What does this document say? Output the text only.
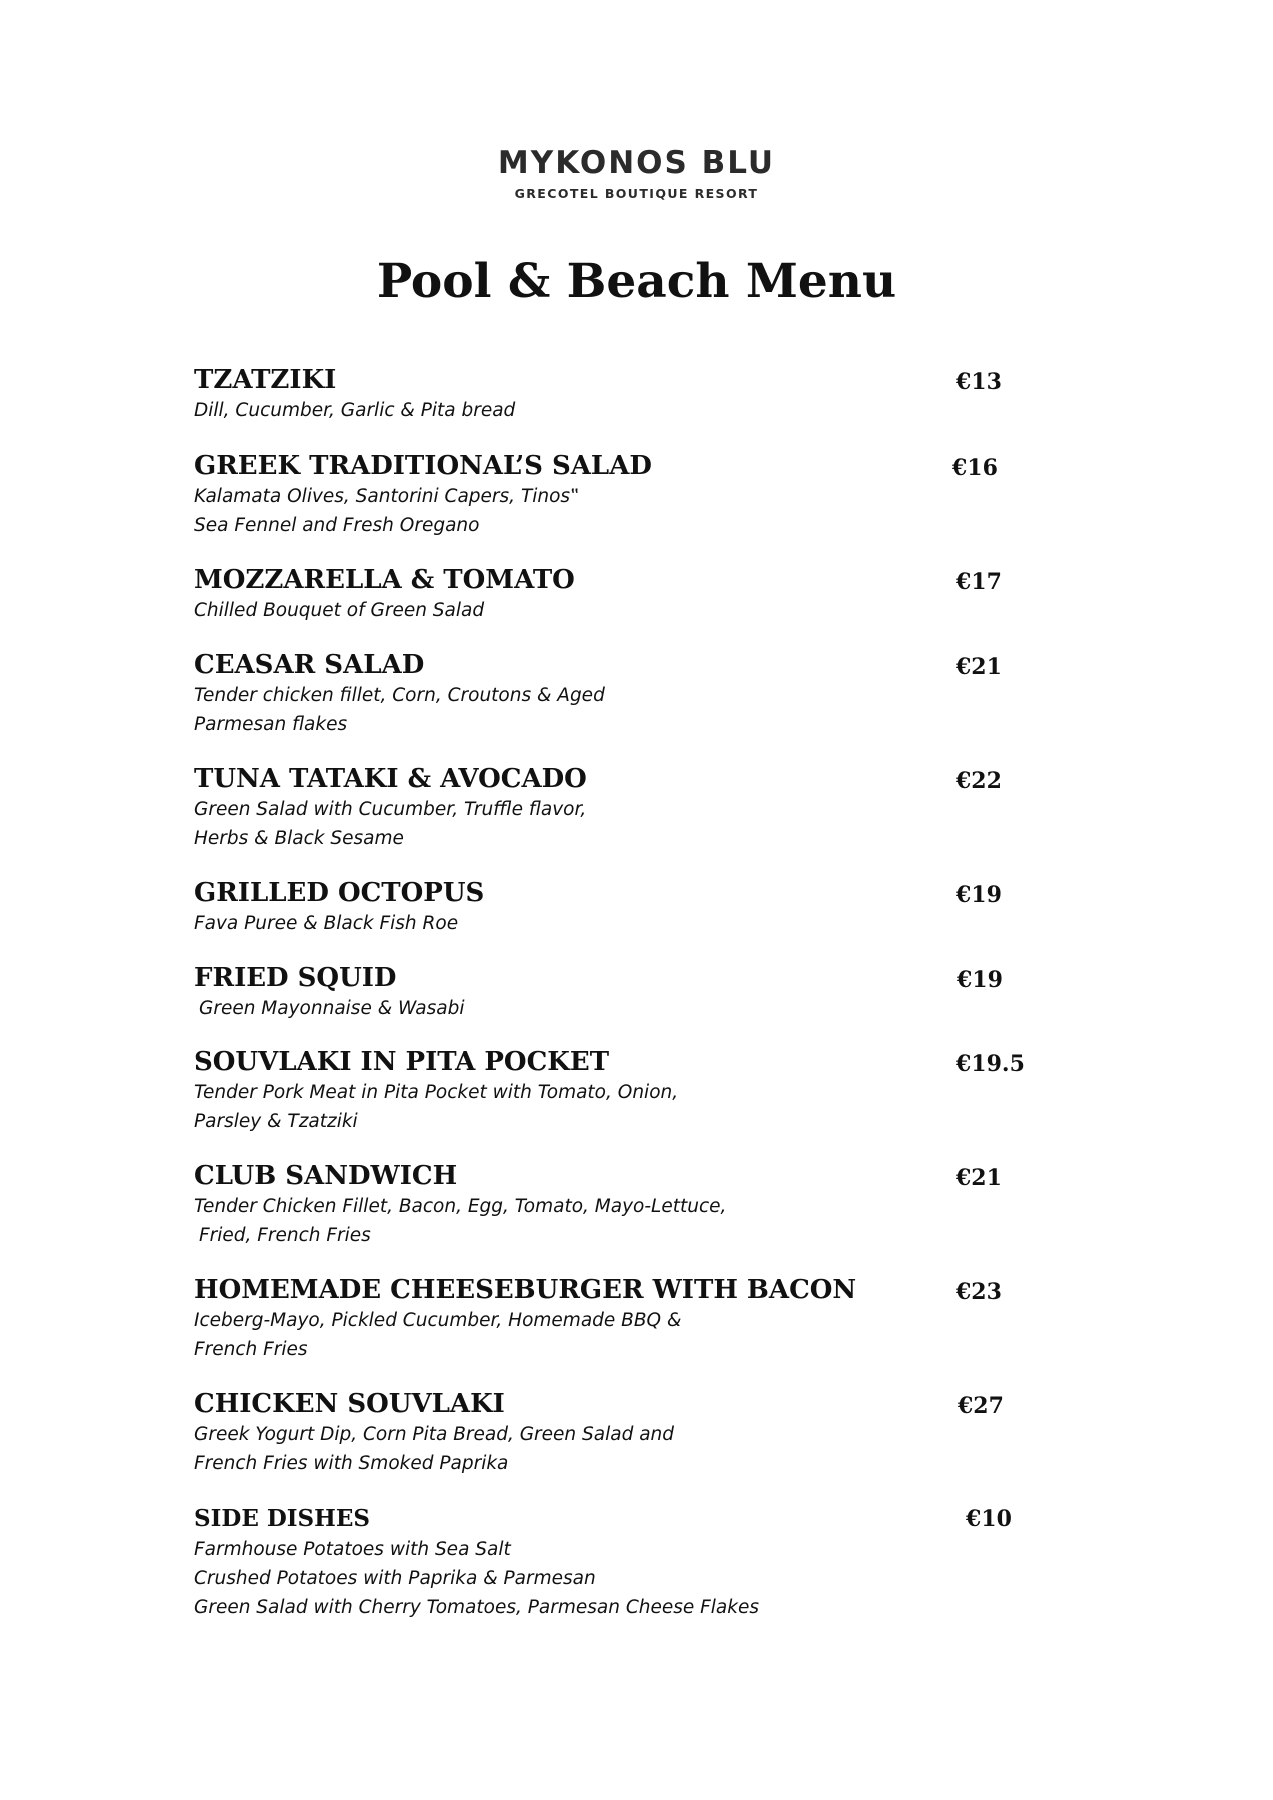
MYKONOS BLU
GRECOTEL BOUTIQUE RESORT
Pool & Beach Menu
TZATZIKI	€13
Dill, Cucumber, Garlic & Pita bread
GREEK TRADITIONAL’S SALAD	€16
Kalamata Olives, Santorini Capers, Tinos‟
Sea Fennel and Fresh Oregano
MOZZARELLA & TOMATO	€17
Chilled Bouquet of Green Salad
CEASAR SALAD	€21
Tender chicken fillet, Corn, Croutons & Aged
Parmesan flakes
TUNA TATAKI & AVOCADO	€22
Green Salad with Cucumber, Truffle flavor,
Herbs & Black Sesame
GRILLED OCTOPUS	€19
Fava Puree & Black Fish Roe
FRIED SQUID	€19
Green Mayonnaise & Wasabi
SOUVLAKI IN PITA POCKET	€19.5
Tender Pork Meat in Pita Pocket with Tomato, Onion,
Parsley & Tzatziki
CLUB SANDWICH	€21
Tender Chicken Fillet, Bacon, Egg, Tomato, Mayo-Lettuce,
Fried, French Fries
HOMEMADE CHEESEBURGER WITH BACON	€23
Iceberg-Mayo, Pickled Cucumber, Homemade BBQ &
French Fries
CHICKEN SOUVLAKI	€27
Greek Yogurt Dip, Corn Pita Bread, Green Salad and
French Fries with Smoked Paprika
SIDE DISHES	€10
Farmhouse Potatoes with Sea Salt
Crushed Potatoes with Paprika & Parmesan
Green Salad with Cherry Tomatoes, Parmesan Cheese Flakes
